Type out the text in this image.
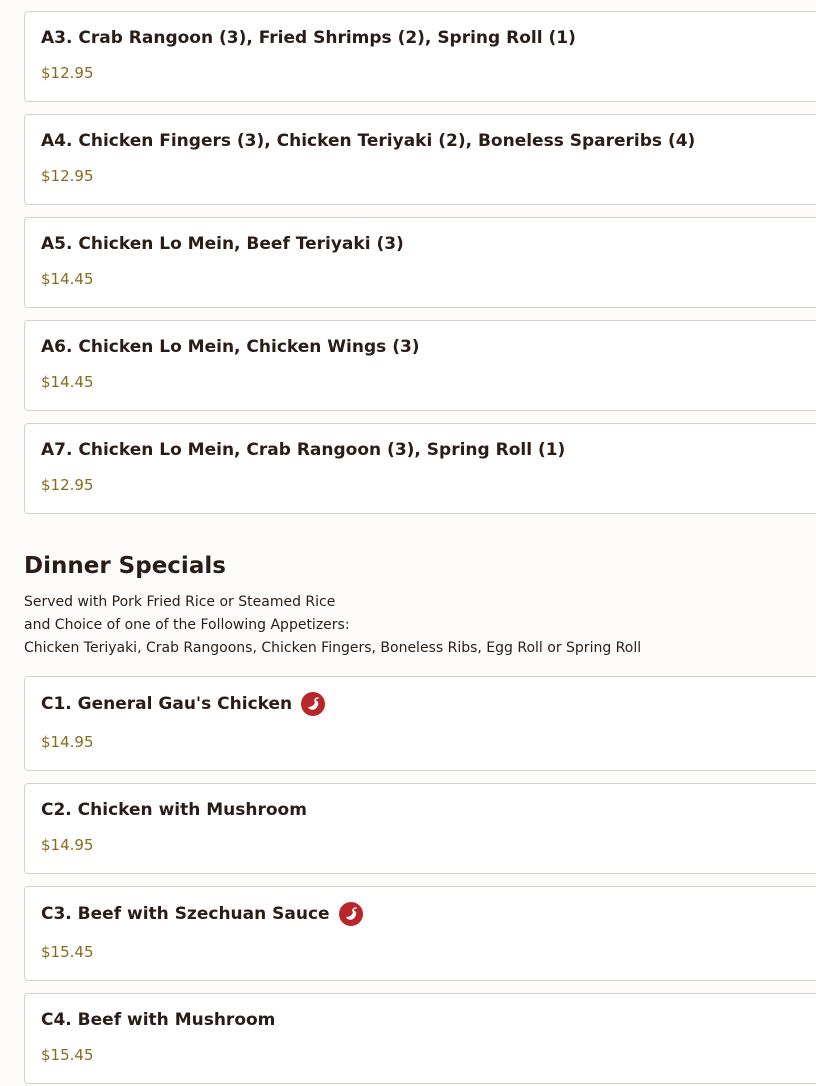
A3. Crab Rangoon (3), Fried Shrimps (2), Spring Roll (1)
$12.95
A4. Chicken Fingers (3), Chicken Teriyaki (2), Boneless Spareribs (4)
$12.95
A5. Chicken Lo Mein, Beef Teriyaki (3)
$14.45
A6. Chicken Lo Mein, Chicken Wings (3)
$14.45
A7. Chicken Lo Mein, Crab Rangoon (3), Spring Roll (1)
$12.95
Dinner Specials
Served with Pork Fried Rice or Steamed Rice
and Choice of one of the Following Appetizers:
Chicken Teriyaki, Crab Rangoons, Chicken Fingers, Boneless Ribs, Egg Roll or Spring Roll
C1. General Gau's Chicken
$14.95
C2. Chicken with Mushroom
$14.95
C3. Beef with Szechuan Sauce
$15.45
C4. Beef with Mushroom
$15.45
